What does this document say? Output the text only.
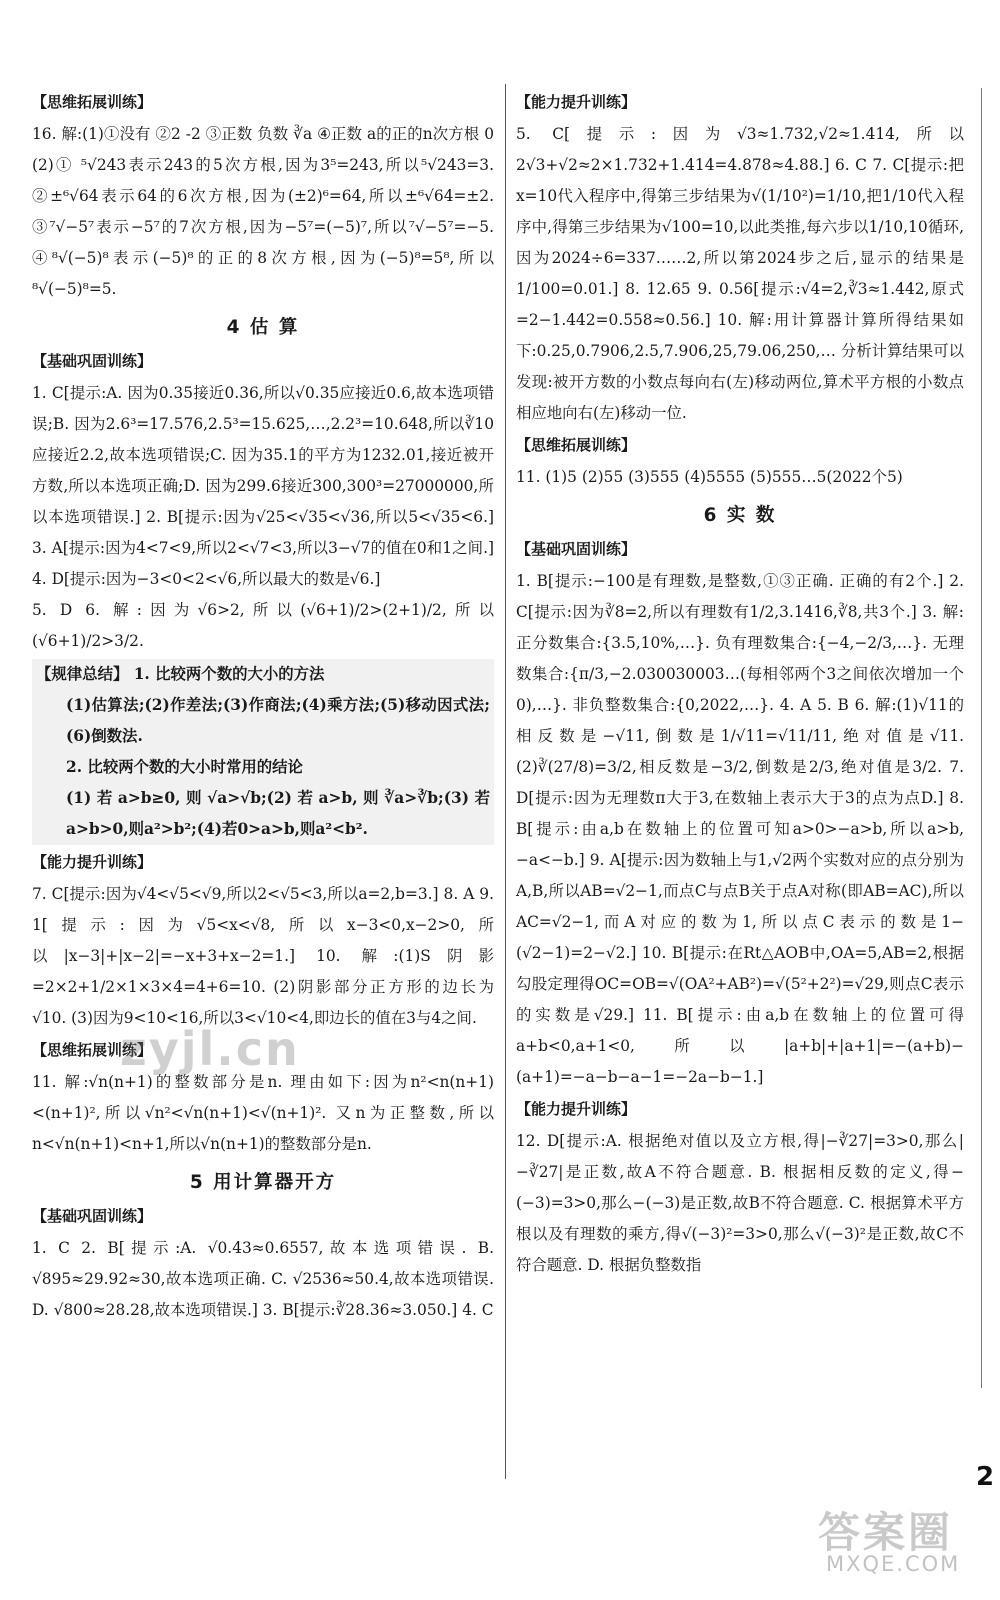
【思维拓展训练】

16. 解:(1)①没有 ②2 -2 ③正数 负数 ∛a ④正数 a的正的n次方根 0 (2)① ⁵√243表示243的5次方根,因为3⁵=243,所以⁵√243=3. ②±⁶√64表示64的6次方根,因为(±2)⁶=64,所以±⁶√64=±2. ③⁷√−5⁷表示−5⁷的7次方根,因为−5⁷=(−5)⁷,所以⁷√−5⁷=−5. ④⁸√(−5)⁸表示(−5)⁸的正的8次方根,因为(−5)⁸=5⁸,所以⁸√(−5)⁸=5.

4 估 算
【基础巩固训练】

1. C[提示:A. 因为0.35接近0.36,所以√0.35应接近0.6,故本选项错误;B. 因为2.6³=17.576,2.5³=15.625,…,2.2³=10.648,所以∛10应接近2.2,故本选项错误;C. 因为35.1的平方为1232.01,接近被开方数,所以本选项正确;D. 因为299.6接近300,300³=27000000,所以本选项错误.] 2. B[提示:因为√25<√35<√36,所以5<√35<6.] 3. A[提示:因为4<7<9,所以2<√7<3,所以3−√7的值在0和1之间.] 4. D[提示:因为−3<0<2<√6,所以最大的数是√6.]

5. D 6. 解:因为√6>2,所以(√6+1)/2>(2+1)/2,所以(√6+1)/2>3/2.

【规律总结】 1. 比较两个数的大小的方法

(1)估算法;(2)作差法;(3)作商法;(4)乘方法;(5)移动因式法;(6)倒数法.

2. 比较两个数的大小时常用的结论

(1)若a>b≥0,则√a>√b;(2)若a>b,则∛a>∛b;(3)若a>b>0,则a²>b²;(4)若0>a>b,则a²<b².

【能力提升训练】

7. C[提示:因为√4<√5<√9,所以2<√5<3,所以a=2,b=3.] 8. A 9. 1[提示:因为√5<x<√8,所以x−3<0,x−2>0,所以|x−3|+|x−2|=−x+3+x−2=1.] 10. 解:(1)S阴影=2×2+1/2×1×3×4=4+6=10. (2)阴影部分正方形的边长为√10. (3)因为9<10<16,所以3<√10<4,即边长的值在3与4之间.

【思维拓展训练】

11. 解:√n(n+1)的整数部分是n. 理由如下:因为n²<n(n+1)<(n+1)²,所以√n²<√n(n+1)<√(n+1)². 又n为正整数,所以n<√n(n+1)<n+1,所以√n(n+1)的整数部分是n.

5 用计算器开方
【基础巩固训练】

1. C 2. B[提示:A. √0.43≈0.6557,故本选项错误. B. √895≈29.92≈30,故本选项正确. C. √2536≈50.4,故本选项错误. D. √800≈28.28,故本选项错误.] 3. B[提示:∛28.36≈3.050.] 4. C

【能力提升训练】

5. C[提示:因为√3≈1.732,√2≈1.414,所以2√3+√2≈2×1.732+1.414=4.878≈4.88.] 6. C 7. C[提示:把x=10代入程序中,得第三步结果为√(1/10²)=1/10,把1/10代入程序中,得第三步结果为√100=10,以此类推,每六步以1/10,10循环,因为2024÷6=337……2,所以第2024步之后,显示的结果是1/100=0.01.] 8. 12.65 9. 0.56[提示:√4=2,∛3≈1.442,原式=2−1.442=0.558≈0.56.] 10. 解:用计算器计算所得结果如下:0.25,0.7906,2.5,7.906,25,79.06,250,… 分析计算结果可以发现:被开方数的小数点每向右(左)移动两位,算术平方根的小数点相应地向右(左)移动一位.

【思维拓展训练】

11. (1)5 (2)55 (3)555 (4)5555 (5)555…5(2022个5)

6 实 数
【基础巩固训练】

1. B[提示:−100是有理数,是整数,①③正确. 正确的有2个.] 2. C[提示:因为∛8=2,所以有理数有1/2,3.1416,∛8,共3个.] 3. 解:正分数集合:{3.5,10%,…}. 负有理数集合:{−4,−2/3,…}. 无理数集合:{π/3,−2.030030003…(每相邻两个3之间依次增加一个0),…}. 非负整数集合:{0,2022,…}. 4. A 5. B 6. 解:(1)√11的相反数是−√11,倒数是1/√11=√11/11,绝对值是√11. (2)∛(27/8)=3/2,相反数是−3/2,倒数是2/3,绝对值是3/2. 7. D[提示:因为无理数π大于3,在数轴上表示大于3的点为点D.] 8. B[提示:由a,b在数轴上的位置可知a>0>−a>b,所以a>b,−a<−b.] 9. A[提示:因为数轴上与1,√2两个实数对应的点分别为A,B,所以AB=√2−1,而点C与点B关于点A对称(即AB=AC),所以AC=√2−1,而A对应的数为1,所以点C表示的数是1−(√2−1)=2−√2.] 10. B[提示:在Rt△AOB中,OA=5,AB=2,根据勾股定理得OC=OB=√(OA²+AB²)=√(5²+2²)=√29,则点C表示的实数是√29.] 11. B[提示:由a,b在数轴上的位置可得a+b<0,a+1<0,所以|a+b|+|a+1|=−(a+b)−(a+1)=−a−b−a−1=−2a−b−1.]

【能力提升训练】

12. D[提示:A. 根据绝对值以及立方根,得|−∛27|=3>0,那么|−∛27|是正数,故A不符合题意. B. 根据相反数的定义,得−(−3)=3>0,那么−(−3)是正数,故B不符合题意. C. 根据算术平方根以及有理数的乘方,得√(−3)²=3>0,那么√(−3)²是正数,故C不符合题意. D. 根据负整数指

zyjl.cn
2
答案圈
MXQE.COM
